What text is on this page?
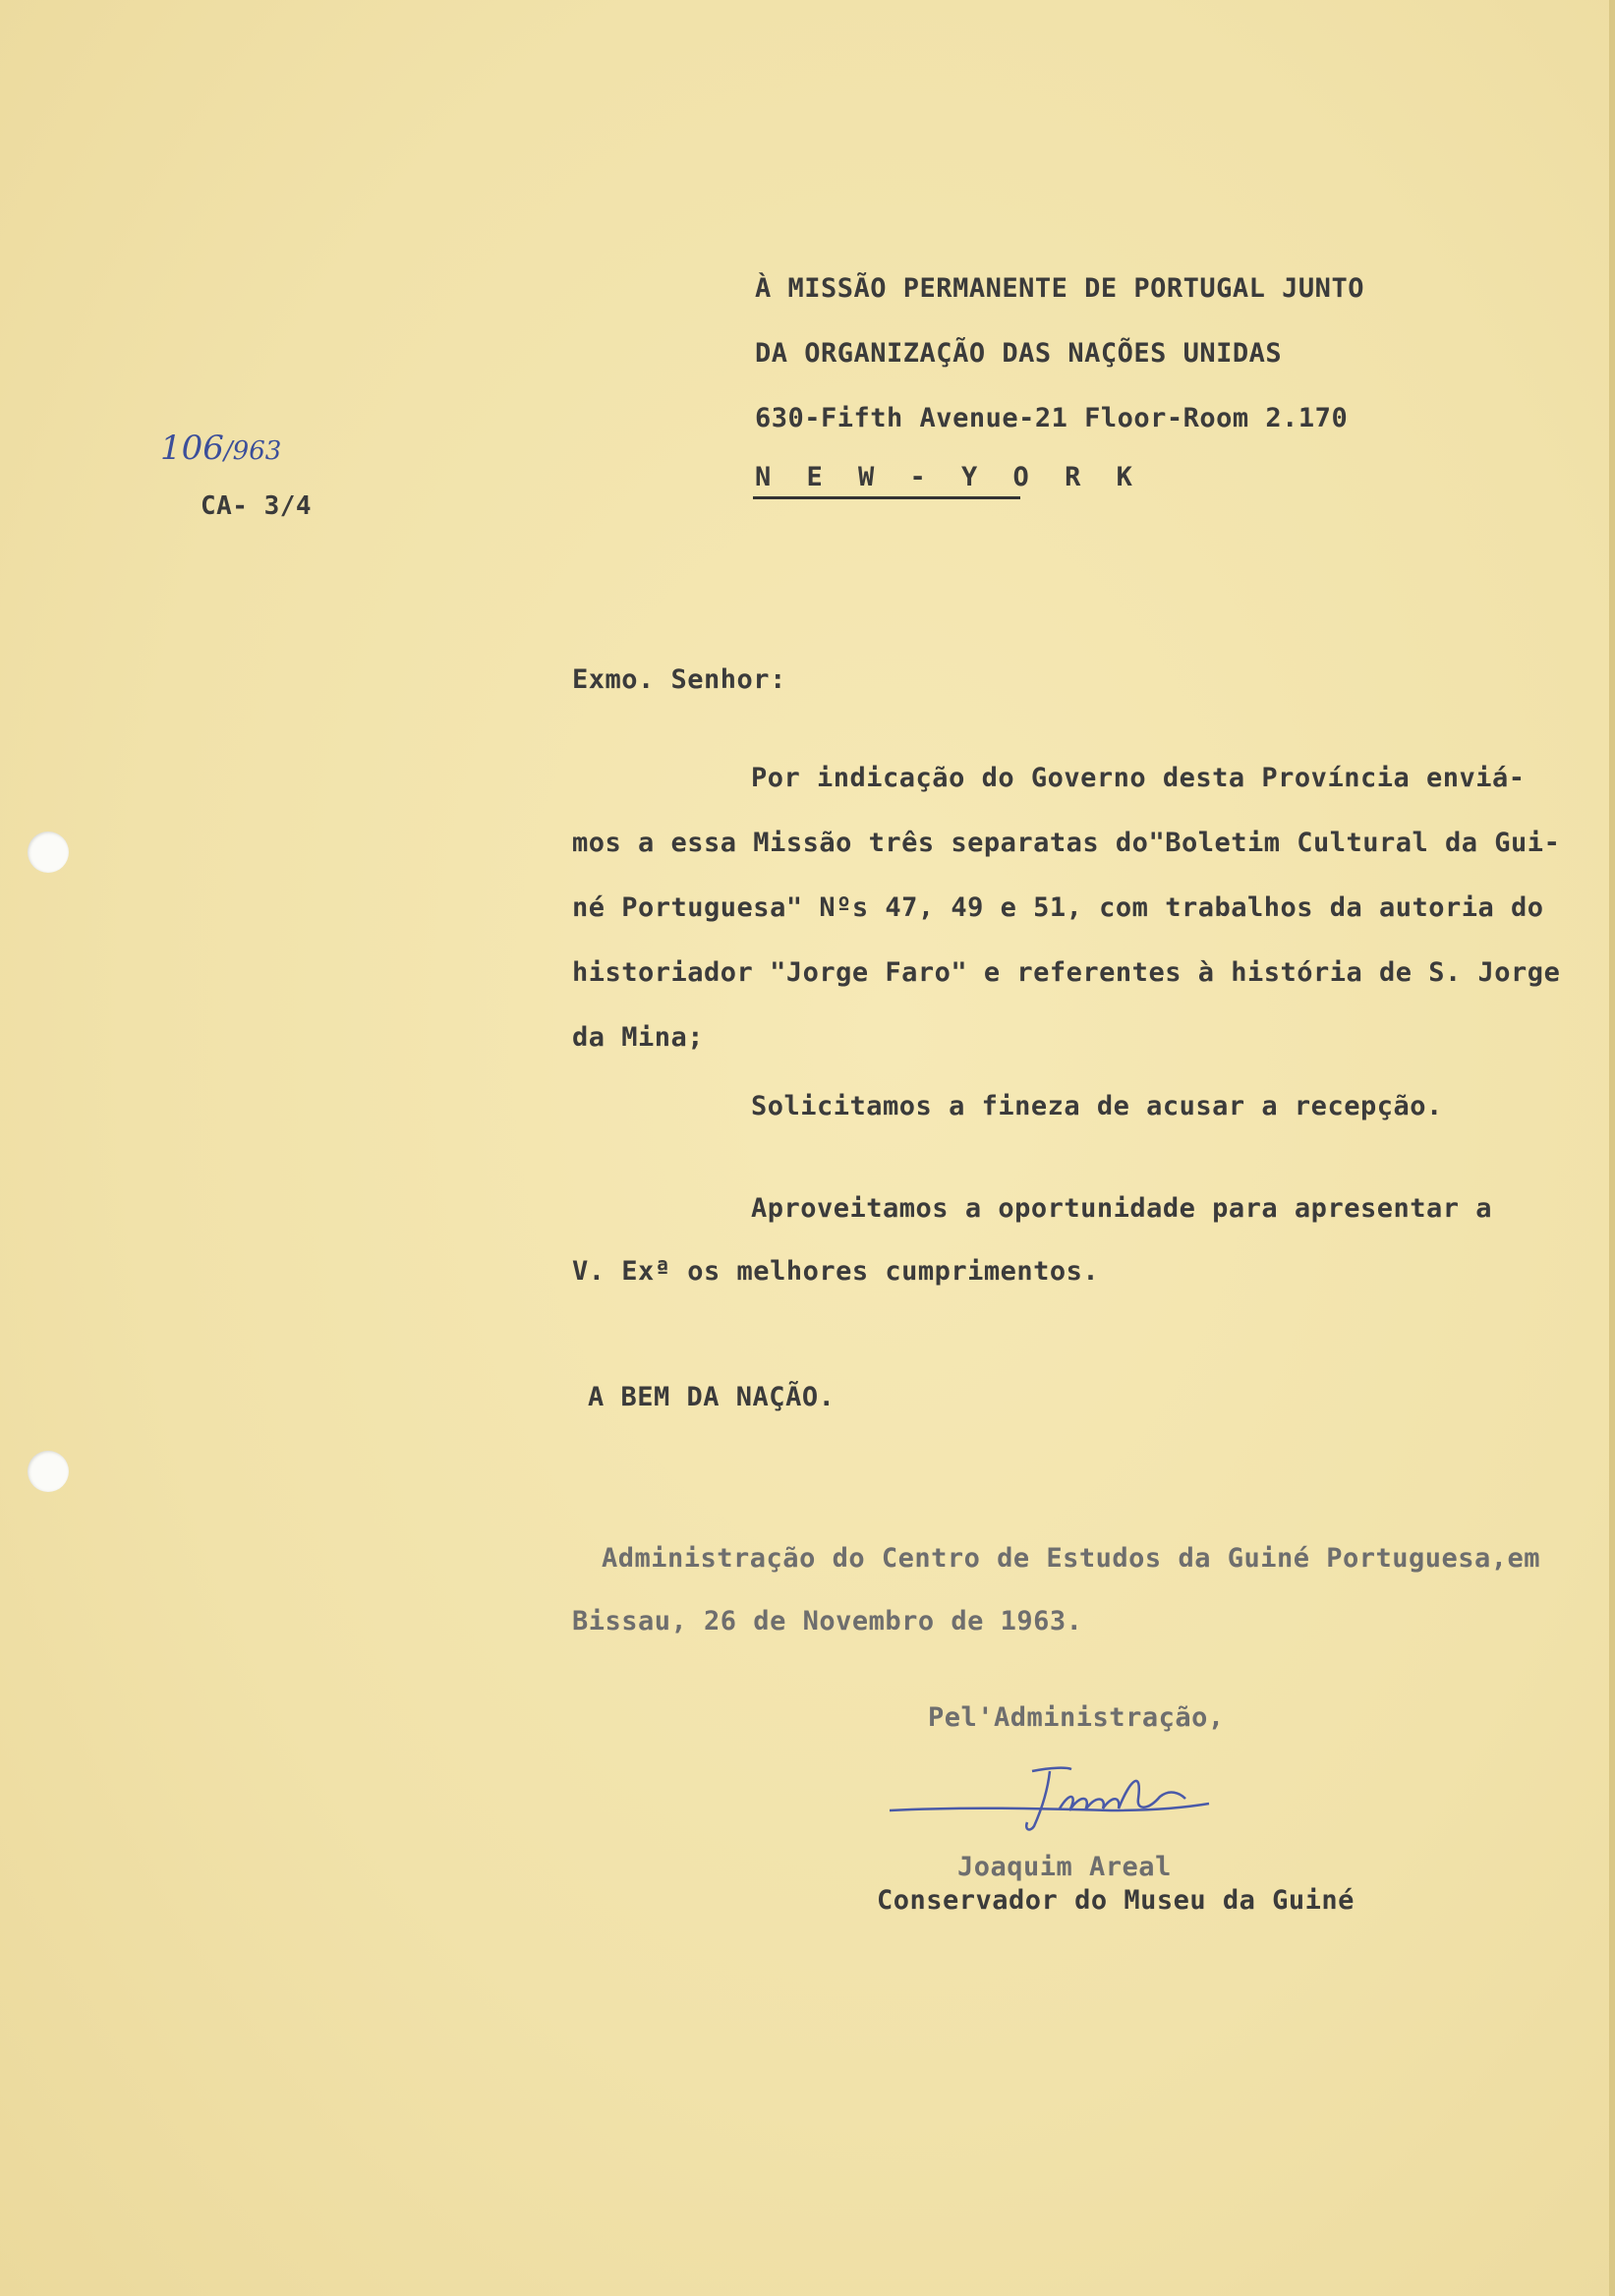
À MISSÃO PERMANENTE DE PORTUGAL JUNTO
DA ORGANIZAÇÃO DAS NAÇÕES UNIDAS
630-Fifth Avenue-21 Floor-Room 2.170
N E W - Y O R K
106/963
CA- 3/4
Exmo. Senhor:
Por indicação do Governo desta Província enviá-
mos a essa Missão três separatas do"Boletim Cultural da Gui-
né Portuguesa" Nºs 47, 49 e 51, com trabalhos da autoria do
historiador "Jorge Faro" e referentes à história de S. Jorge
da Mina;
Solicitamos a fineza de acusar a recepção.
Aproveitamos a oportunidade para apresentar a
V. Exª os melhores cumprimentos.
A BEM DA NAÇÃO.
Administração do Centro de Estudos da Guiné Portuguesa,em
Bissau, 26 de Novembro de 1963.
Pel'Administração,
Joaquim Areal
Conservador do Museu da Guiné
